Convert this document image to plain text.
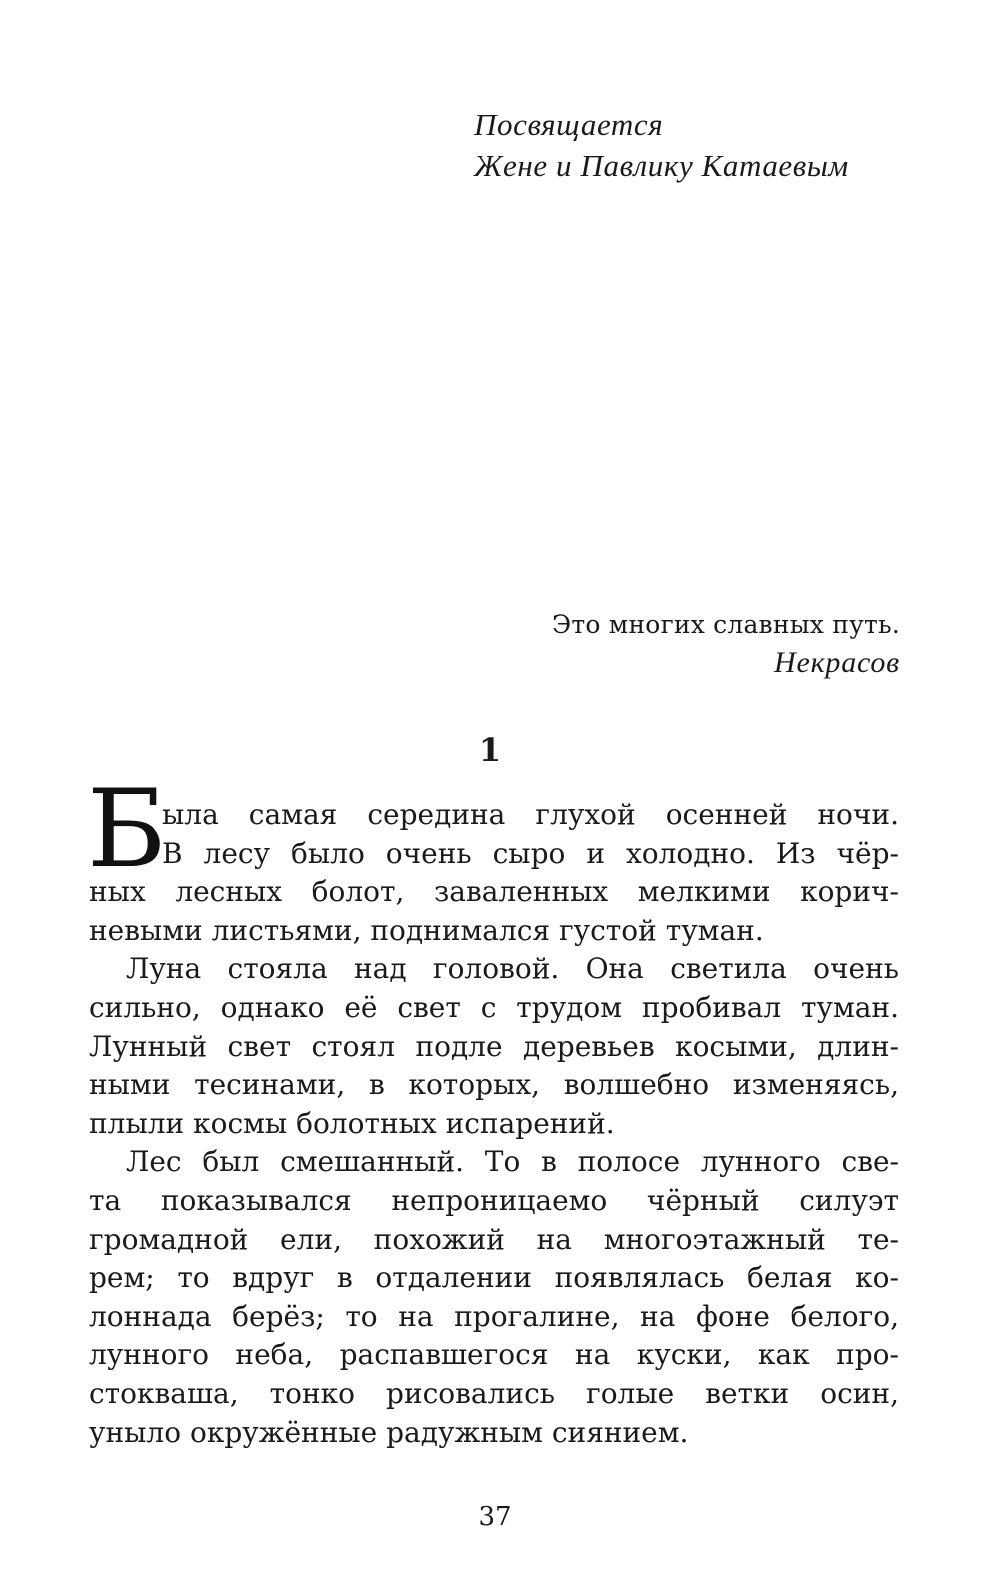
Посвящается
Жене и Павлику Катаевым
Это многих славных путь.
Некрасов
1
Б
ыла самая середина глухой осенней ночи.
В лесу было очень сыро и холодно. Из чёр-
ных лесных болот, заваленных мелкими корич-
невыми листьями, поднимался густой туман.
Луна стояла над головой. Она светила очень
сильно, однако её свет с трудом пробивал туман.
Лунный свет стоял подле деревьев косыми, длин-
ными тесинами, в которых, волшебно изменяясь,
плыли космы болотных испарений.
Лес был смешанный. То в полосе лунного све-
та показывался непроницаемо чёрный силуэт
громадной ели, похожий на многоэтажный те-
рем; то вдруг в отдалении появлялась белая ко-
лоннада берёз; то на прогалине, на фоне белого,
лунного неба, распавшегося на куски, как про-
стокваша, тонко рисовались голые ветки осин,
уныло окружённые радужным сиянием.
37
